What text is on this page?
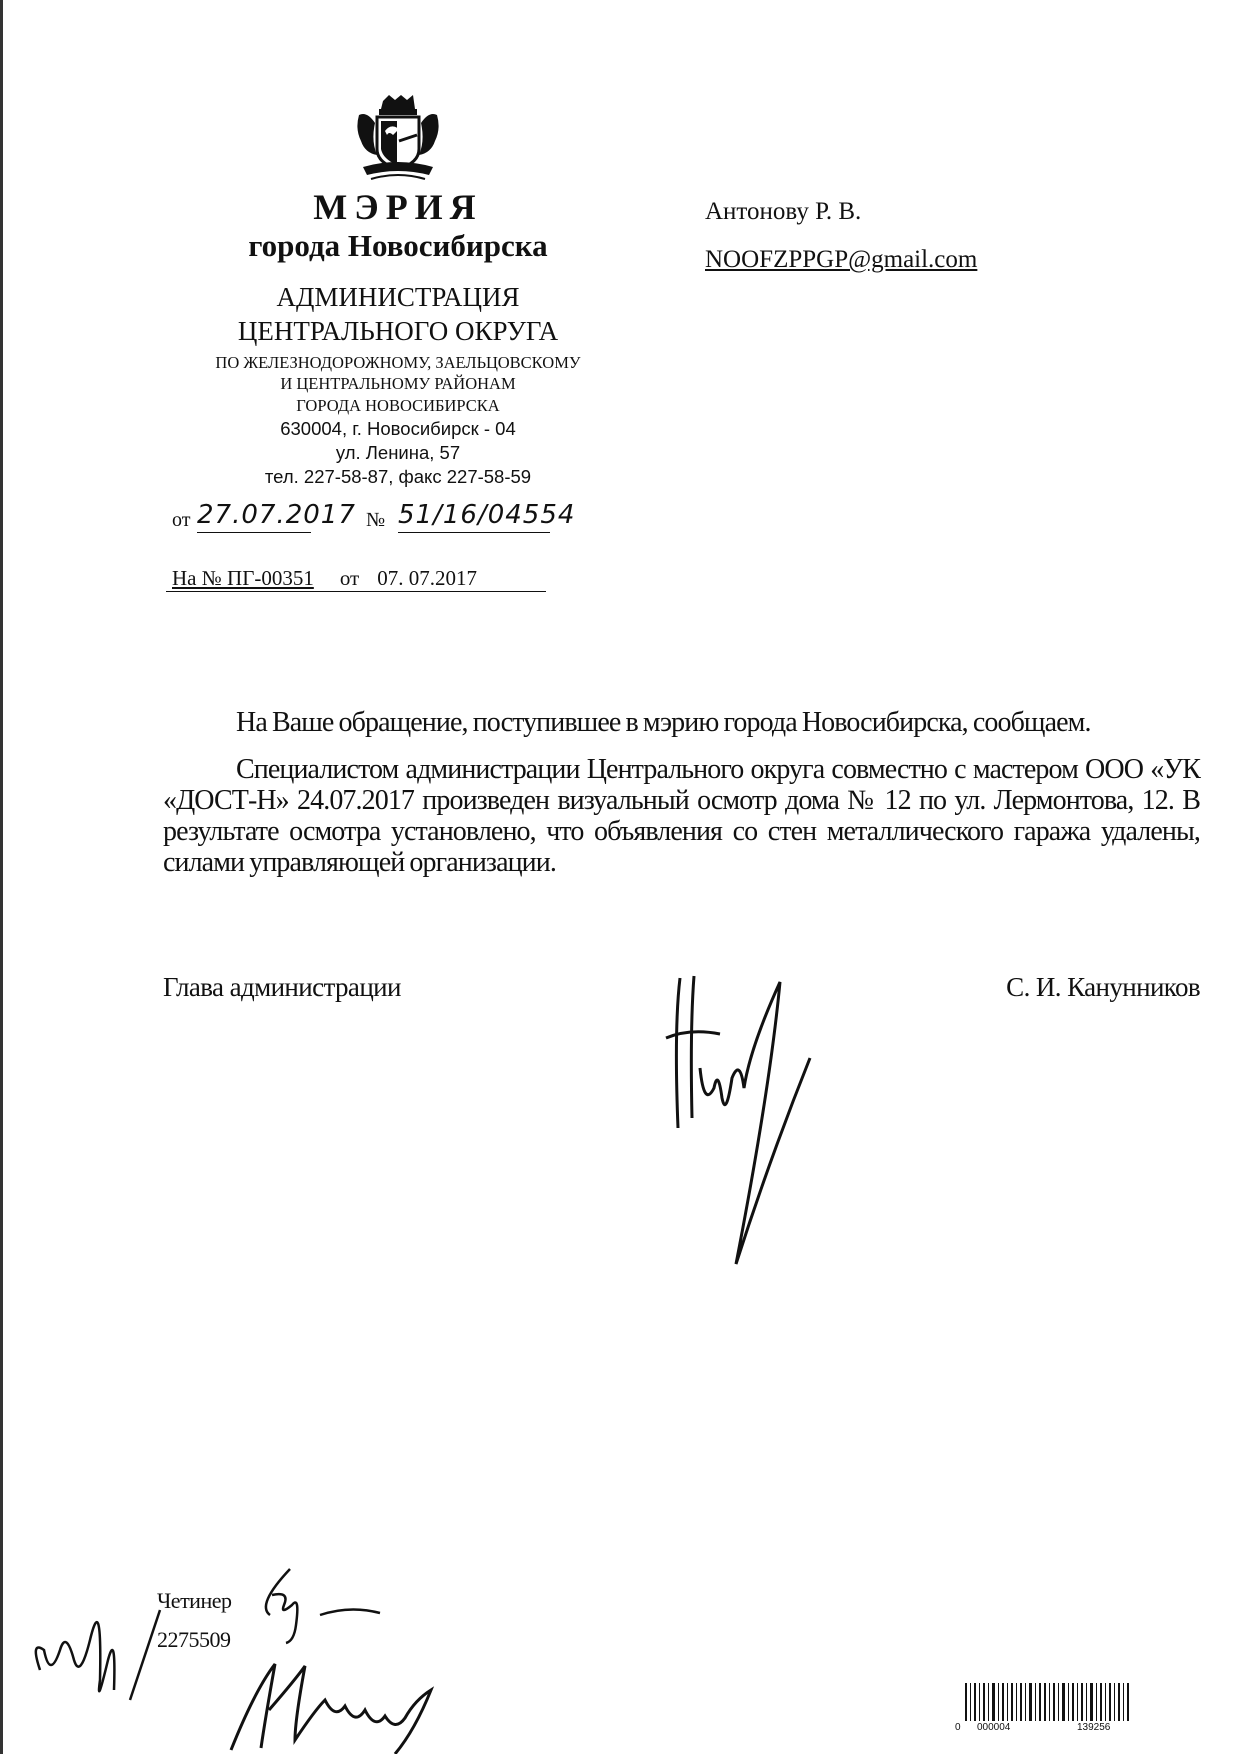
МЭРИЯ
города Новосибирска
АДМИНИСТРАЦИЯ
ЦЕНТРАЛЬНОГО ОКРУГА
ПО ЖЕЛЕЗНОДОРОЖНОМУ, ЗАЕЛЬЦОВСКОМУ
И ЦЕНТРАЛЬНОМУ РАЙОНАМ
ГОРОДА НОВОСИБИРСКА
630004, г. Новосибирск - 04
ул. Ленина, 57
тел. 227-58-87, факс 227-58-59
от 27.07.2017 № 51/16/04554
На № ПГ-00351 от 07. 07.2017
Антонову Р. В.
NOOFZPPGP@gmail.com

На Ваше обращение, поступившее в мэрию города Новосибирска, сообщаем.

Специалистом администрации Центрального округа совместно с мастером ООО «УК «ДОСТ-Н» 24.07.2017 произведен визуальный осмотр дома № 12 по ул. Лермонтова, 12. В результате осмотра установлено, что объявления со стен металлического гаража удалены, силами управляющей организации.

Глава администрации	С. И. Канунников
Четинер
2275509
0 000004	139256
